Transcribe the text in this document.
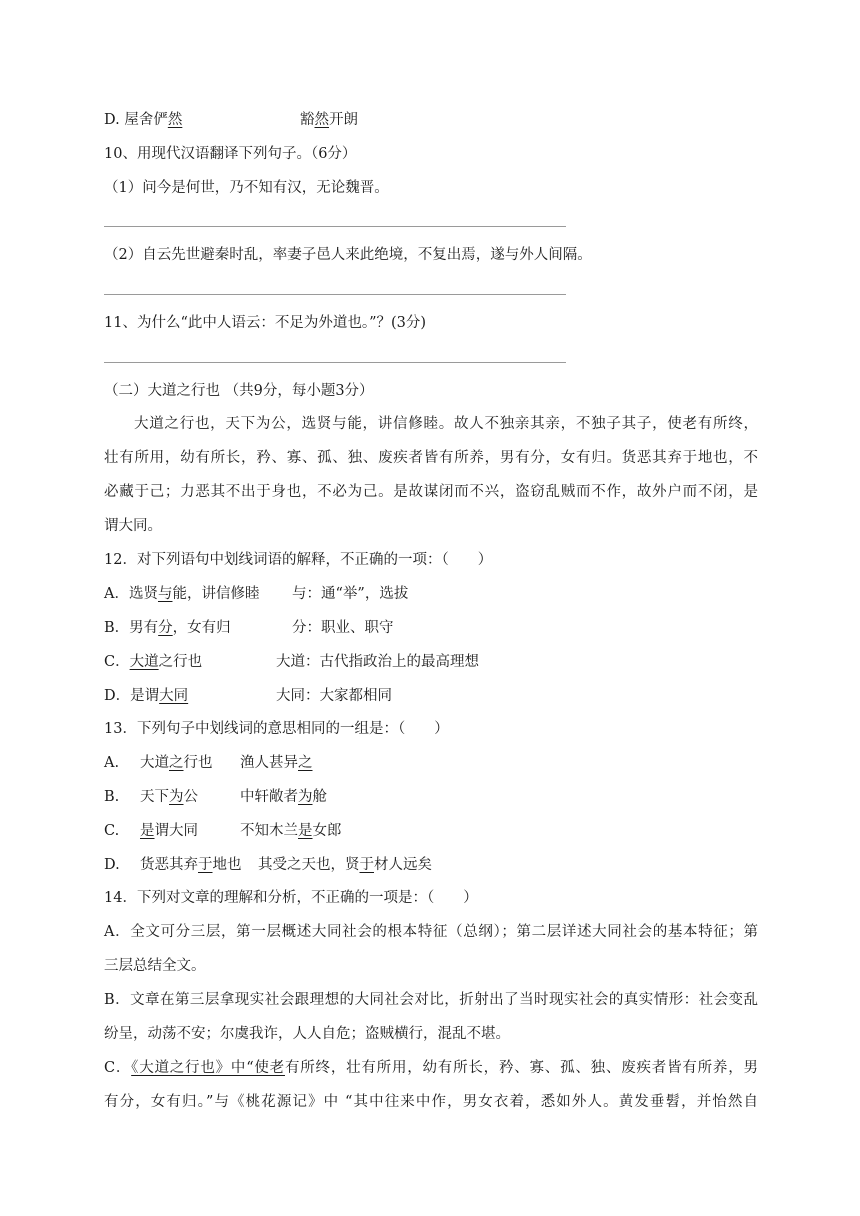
D. 屋舍俨然	豁然开朗
10、用现代汉语翻译下列句子。（6分）
（1）问今是何世，乃不知有汉，无论魏晋。
（2）自云先世避秦时乱，率妻子邑人来此绝境，不复出焉，遂与外人间隔。
11、为什么“此中人语云：不足为外道也。”？(3分)
（二）大道之行也 （共9分，每小题3分）
大道之行也，天下为公，选贤与能，讲信修睦。故人不独亲其亲，不独子其子，使老有所终，
壮有所用，幼有所长，矜、寡、孤、独、废疾者皆有所养，男有分，女有归。货恶其弃于地也，不
必藏于己；力恶其不出于身也，不必为己。是故谋闭而不兴，盗窃乱贼而不作，故外户而不闭，是
谓大同。
12．对下列语句中划线词语的解释，不正确的一项：（　　）
A．选贤与能，讲信修睦 与：通“举”，选拔
B．男有分，女有归	分：职业、职守
C．大道之行也	大道：古代指政治上的最高理想
D．是谓大同	大同：大家都相同
13．下列句子中划线词的意思相同的一组是：（　　）
A. 大道之行也 渔人甚异之
B. 天下为公	中轩敞者为舱
C. 是谓大同	不知木兰是女郎
D. 货恶其弃于地也 其受之天也，贤于材人远矣
14．下列对文章的理解和分析，不正确的一项是：（　　）
A．全文可分三层，第一层概述大同社会的根本特征（总纲）；第二层详述大同社会的基本特征；第
三层总结全文。
B．文章在第三层拿现实社会跟理想的大同社会对比，折射出了当时现实社会的真实情形：社会变乱
纷呈，动荡不安；尔虞我诈，人人自危；盗贼横行，混乱不堪。
C．《大道之行也》中“使老有所终，壮有所用，幼有所长，矜、寡、孤、独、废疾者皆有所养，男
有分，女有归。”与《桃花源记》中 “其中往来中作，男女衣着，悉如外人。黄发垂髫，并怡然自
